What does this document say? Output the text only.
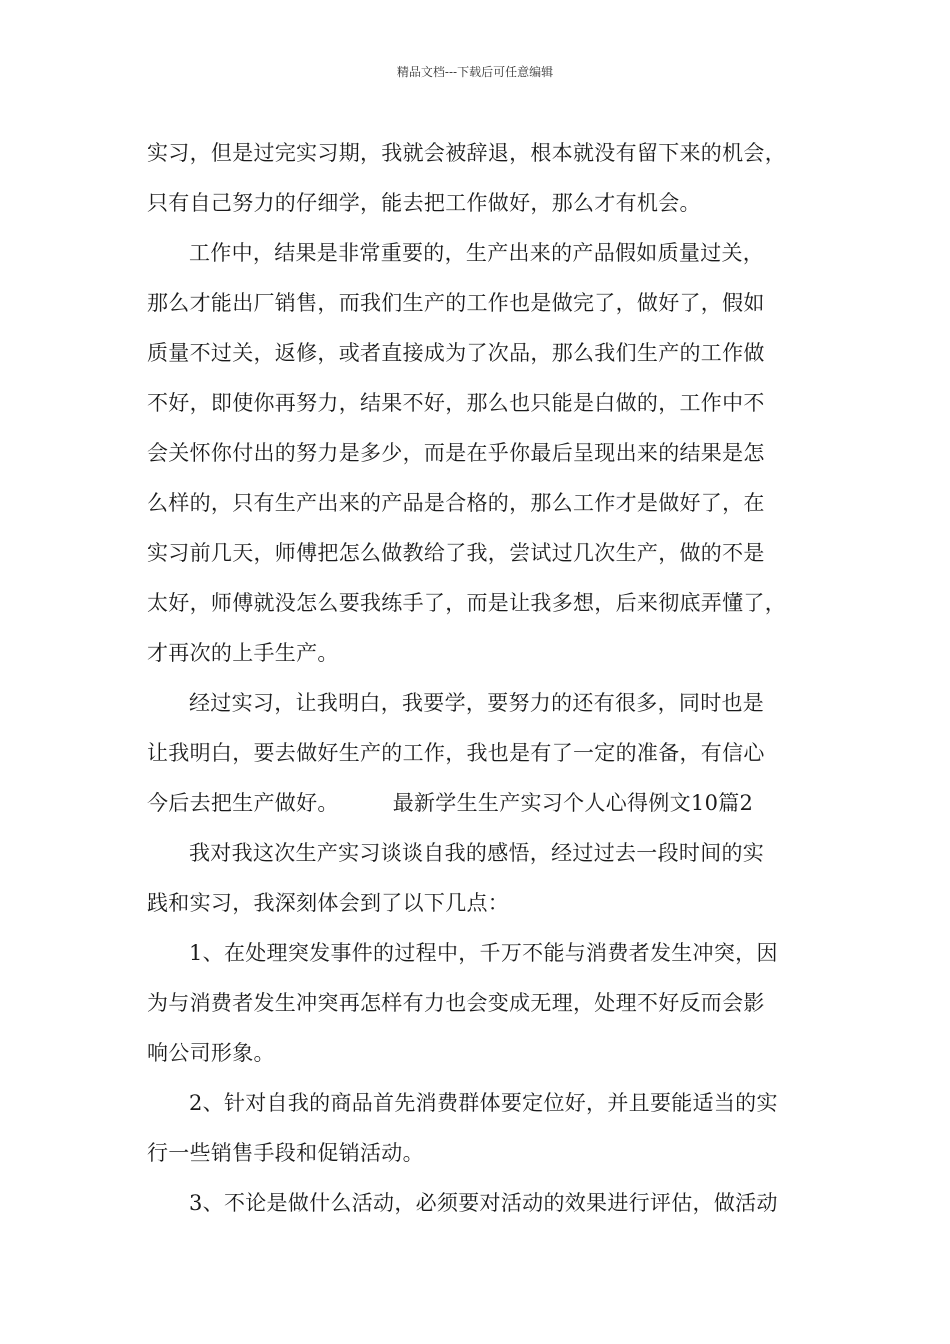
精品文档---下载后可任意编辑
实习，但是过完实习期，我就会被辞退，根本就没有留下来的机会，
只有自己努力的仔细学，能去把工作做好，那么才有机会。
工作中，结果是非常重要的，生产出来的产品假如质量过关，
那么才能出厂销售，而我们生产的工作也是做完了，做好了，假如
质量不过关，返修，或者直接成为了次品，那么我们生产的工作做
不好，即使你再努力，结果不好，那么也只能是白做的，工作中不
会关怀你付出的努力是多少，而是在乎你最后呈现出来的结果是怎
么样的，只有生产出来的产品是合格的，那么工作才是做好了，在
实习前几天，师傅把怎么做教给了我，尝试过几次生产，做的不是
太好，师傅就没怎么要我练手了，而是让我多想，后来彻底弄懂了，
才再次的上手生产。
经过实习，让我明白，我要学，要努力的还有很多，同时也是
让我明白，要去做好生产的工作，我也是有了一定的准备，有信心
今后去把生产做好。	最新学生生产实习个人心得例文10篇2
我对我这次生产实习谈谈自我的感悟，经过过去一段时间的实
践和实习，我深刻体会到了以下几点：
1、在处理突发事件的过程中，千万不能与消费者发生冲突，因
为与消费者发生冲突再怎样有力也会变成无理，处理不好反而会影
响公司形象。
2、针对自我的商品首先消费群体要定位好，并且要能适当的实
行一些销售手段和促销活动。
3、不论是做什么活动，必须要对活动的效果进行评估，做活动
